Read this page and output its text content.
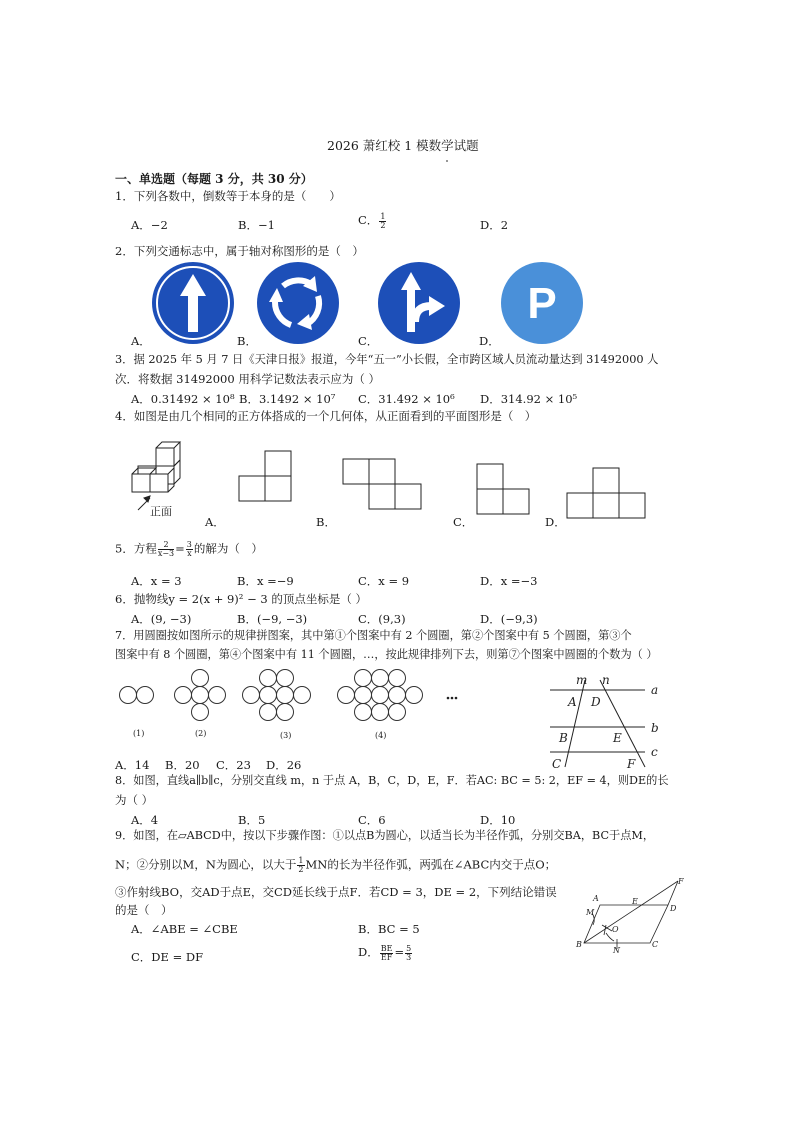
2026 萧红校 1 模数学试题
一、单选题（每题 3 分，共 30 分）
1．下列各数中，倒数等于本身的是（　　）
A．−2	B．−1	C． $\frac{1}{2}$	D．2
2．下列交通标志中，属于轴对称图形的是（　）
P
A．	B．	C．	D．
3．据 2025 年 5 月 7 日《天津日报》报道，今年“五一”小长假，全市跨区域人员流动量达到 31492000 人
次．将数据 31492000 用科学记数法表示应为（ ）
A．0.31492 × 10⁸ B．3.1492 × 10⁷ C．31.492 × 10⁶ D．314.92 × 10⁵
4．如图是由几个相同的正方体搭成的一个几何体，从正面看到的平面图形是（　）
正面
A．	B．	C．	D．
5．方程 $\frac{2}{x-3} = \frac{3}{x}$ 的解为（　）
A．x = 3	B．x =−9	C．x = 9	D．x =−3
6．抛物线y = 2(x + 9)² − 3 的顶点坐标是（ ）
A．(9, −3)	B．(−9, −3)	C．(9,3)	D．(−9,3)
7．用圆圈按如图所示的规律拼图案，其中第①个图案中有 2 个圆圈，第②个图案中有 5 个圆圈，第③个
图案中有 8 个圆圈，第④个图案中有 11 个圆圈，…，按此规律排列下去，则第⑦个图案中圆圈的个数为（ ）
(1)	(2)	(3)	(4)
A．14 B．20 C．23 D．26
m n
a
b
c
A D
B	E
C	F
8．如图，直线a∥b∥c，分别交直线 m，n 于点 A，B，C，D，E，F．若AC: BC = 5: 2，EF = 4，则DE的长
为（ ）
A．4	B．5	C．6	D．10
9．如图，在▱ABCD中，按以下步骤作图：①以点B为圆心，以适当长为半径作弧，分别交BA，BC于点M，
N；②分别以M，N为圆心，以大于 $\frac{1}{2}$ MN的长为半径作弧，两弧在∠ABC内交于点O；
③作射线BO，交AD于点E，交CD延长线于点F．若CD = 3，DE = 2，下列结论错误
的是（　）
A
M
E
D
F
O
B
N
C
A．∠ABE = ∠CBE	B．BC = 5
C．DE = DF	D． $\frac{BE}{EF} = \frac{5}{3}$
